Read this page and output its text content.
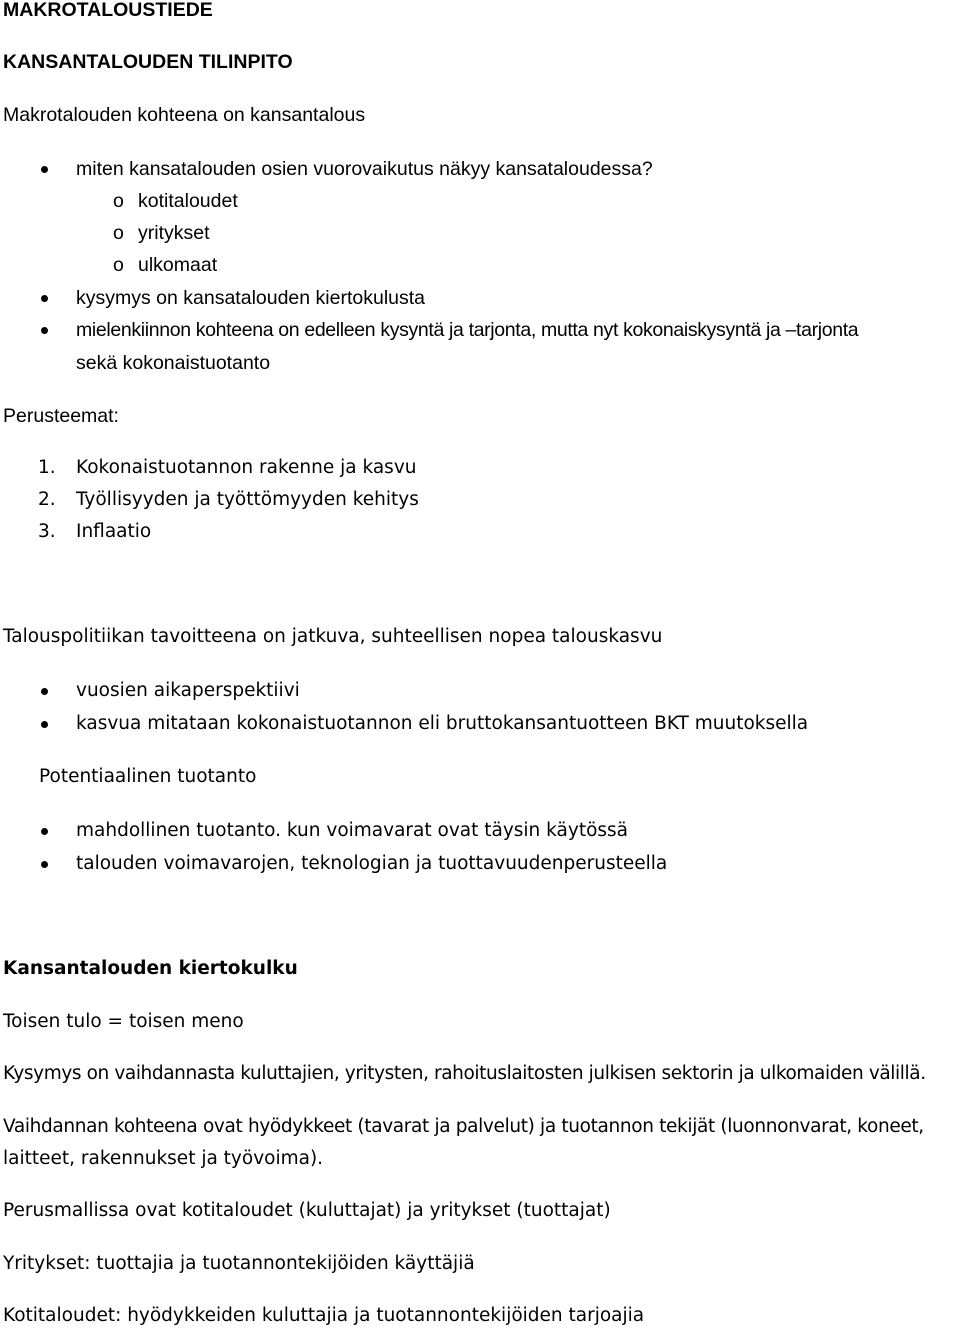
MAKROTALOUSTIEDE

KANSANTALOUDEN TILINPITO

Makrotalouden kohteena on kansantalous

miten kansatalouden osien vuorovaikutus näkyy kansataloudessa?

o kotitaloudet

o yritykset

o ulkomaat

kysymys on kansatalouden kiertokulusta

mielenkiinnon kohteena on edelleen kysyntä ja tarjonta, mutta nyt kokonaiskysyntä ja –tarjonta

sekä kokonaistuotanto

Perusteemat:

1. Kokonaistuotannon rakenne ja kasvu

2. Työllisyyden ja työttömyyden kehitys

3. Inflaatio

Talouspolitiikan tavoitteena on jatkuva, suhteellisen nopea talouskasvu

vuosien aikaperspektiivi

kasvua mitataan kokonaistuotannon eli bruttokansantuotteen BKT muutoksella

Potentiaalinen tuotanto

mahdollinen tuotanto. kun voimavarat ovat täysin käytössä

talouden voimavarojen, teknologian ja tuottavuudenperusteella

Kansantalouden kiertokulku

Toisen tulo = toisen meno

Kysymys on vaihdannasta kuluttajien, yritysten, rahoituslaitosten julkisen sektorin ja ulkomaiden välillä.

Vaihdannan kohteena ovat hyödykkeet (tavarat ja palvelut) ja tuotannon tekijät (luonnonvarat, koneet,

laitteet, rakennukset ja työvoima).

Perusmallissa ovat kotitaloudet (kuluttajat) ja yritykset (tuottajat)

Yritykset: tuottajia ja tuotannontekijöiden käyttäjiä

Kotitaloudet: hyödykkeiden kuluttajia ja tuotannontekijöiden tarjoajia
